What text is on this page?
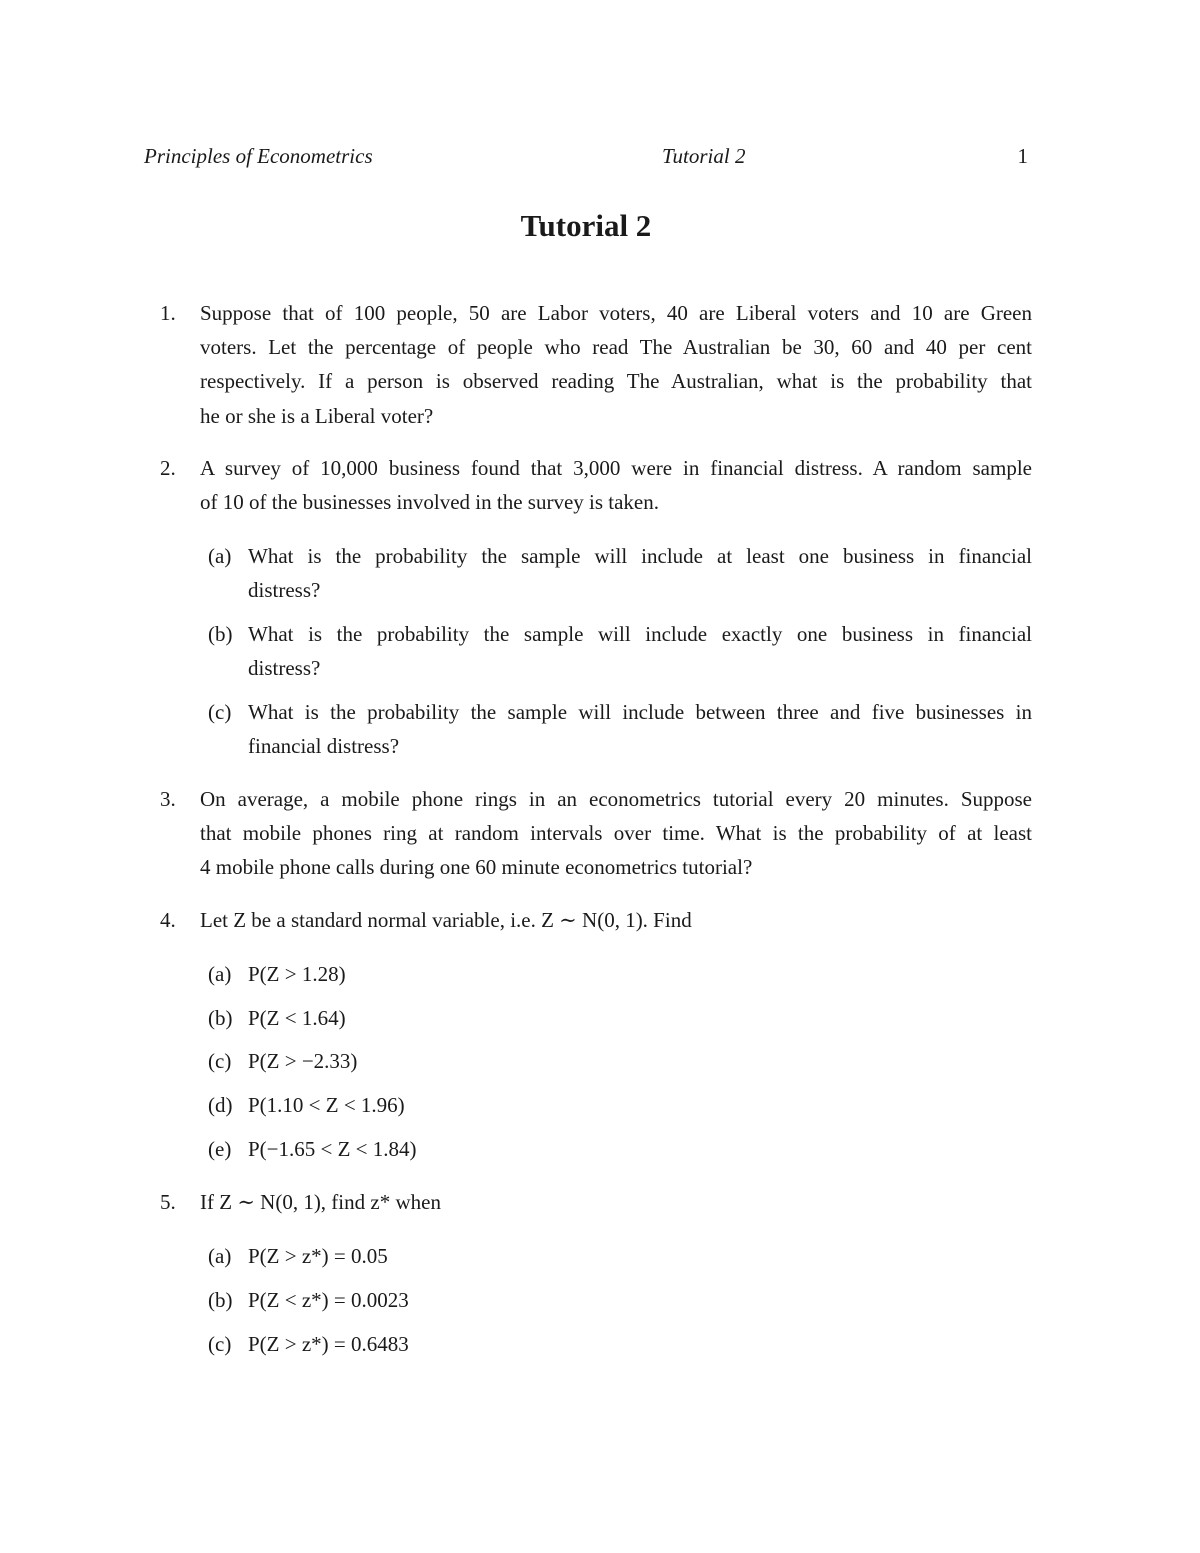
Principles of Econometrics	Tutorial 2	1
Tutorial 2
1.	Suppose that of 100 people, 50 are Labor voters, 40 are Liberal voters and 10 are Green
voters. Let the percentage of people who read The Australian be 30, 60 and 40 per cent
respectively. If a person is observed reading The Australian, what is the probability that
he or she is a Liberal voter?
2.	A survey of 10,000 business found that 3,000 were in financial distress. A random sample
of 10 of the businesses involved in the survey is taken.
(a) What is the probability the sample will include at least one business in financial
distress?
(b) What is the probability the sample will include exactly one business in financial
distress?
(c) What is the probability the sample will include between three and five businesses in
financial distress?
3.	On average, a mobile phone rings in an econometrics tutorial every 20 minutes. Suppose
that mobile phones ring at random intervals over time. What is the probability of at least
4 mobile phone calls during one 60 minute econometrics tutorial?
4.	Let Z be a standard normal variable, i.e. Z ∼ N(0, 1). Find
(a) P(Z > 1.28)
(b) P(Z < 1.64)
(c) P(Z > −2.33)
(d) P(1.10 < Z < 1.96)
(e) P(−1.65 < Z < 1.84)
5.	If Z ∼ N(0, 1), find z* when
(a) P(Z > z*) = 0.05
(b) P(Z < z*) = 0.0023
(c) P(Z > z*) = 0.6483
